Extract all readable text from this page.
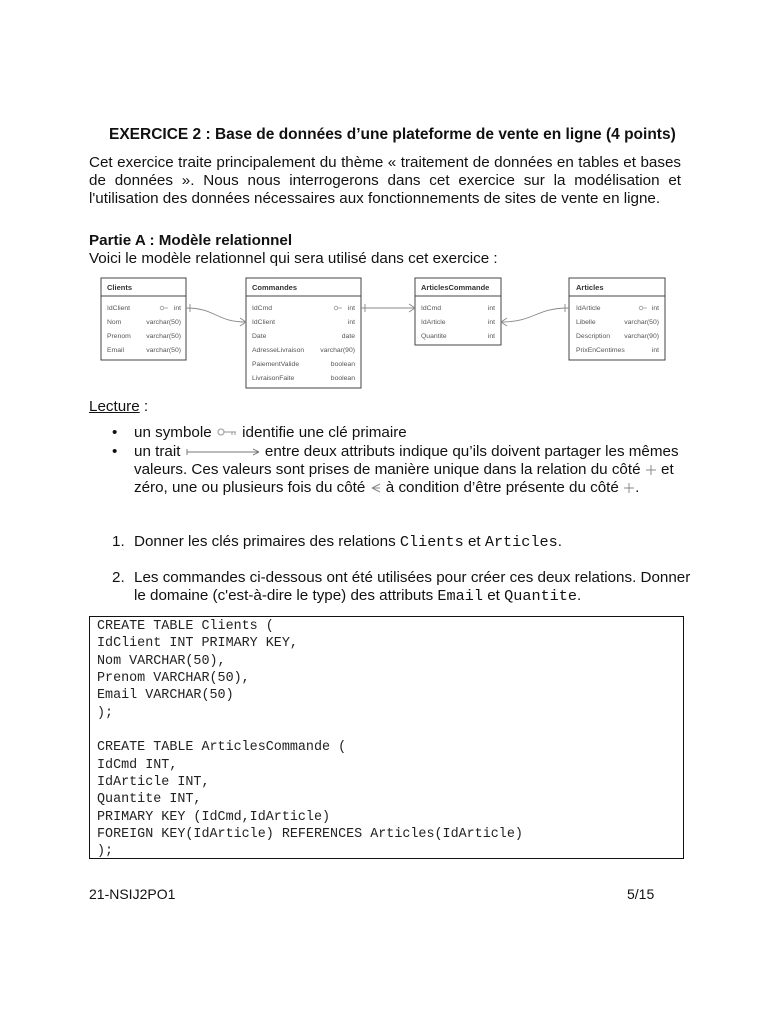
EXERCICE 2 : Base de données d’une plateforme de vente en ligne (4 points)
Cet exercice traite principalement du thème « traitement de données en tables et bases
de données ». Nous nous interrogerons dans cet exercice sur la modélisation et
l'utilisation des données nécessaires aux fonctionnements de sites de vente en ligne.
Partie A : Modèle relationnel
Voici le modèle relationnel qui sera utilisé dans cet exercice :
Clients
IdClient	int
Nom	varchar(50)
Prenom varchar(50)
Email	varchar(50)
Commandes
IdCmd	int
IdClient	int
Date	date
AdresseLivraison varchar(90)
PaiementValide	boolean
LivraisonFaite	boolean
ArticlesCommande
IdCmd	int
IdArticle	int
Quantite	int
Articles
IdArticle	int
Libelle	varchar(50)
Description varchar(90)
PrixEnCentimes	int
Lecture :
• un symbole identifie une clé primaire
• un trait	entre deux attributs indique qu’ils doivent partager les mêmes
valeurs. Ces valeurs sont prises de manière unique dans la relation du côté et
zéro, une ou plusieurs fois du côté à condition d’être présente du côté .
1. Donner les clés primaires des relations Clients et Articles.
2. Les commandes ci-dessous ont été utilisées pour créer ces deux relations. Donner
le domaine (c'est-à-dire le type) des attributs Email et Quantite.
CREATE TABLE Clients (
IdClient INT PRIMARY KEY,
Nom VARCHAR(50),
Prenom VARCHAR(50),
Email VARCHAR(50)
);

CREATE TABLE ArticlesCommande (
IdCmd INT,
IdArticle INT,
Quantite INT,
PRIMARY KEY (IdCmd,IdArticle)
FOREIGN KEY(IdArticle) REFERENCES Articles(IdArticle)
);
21-NSIJ2PO1	5/15
